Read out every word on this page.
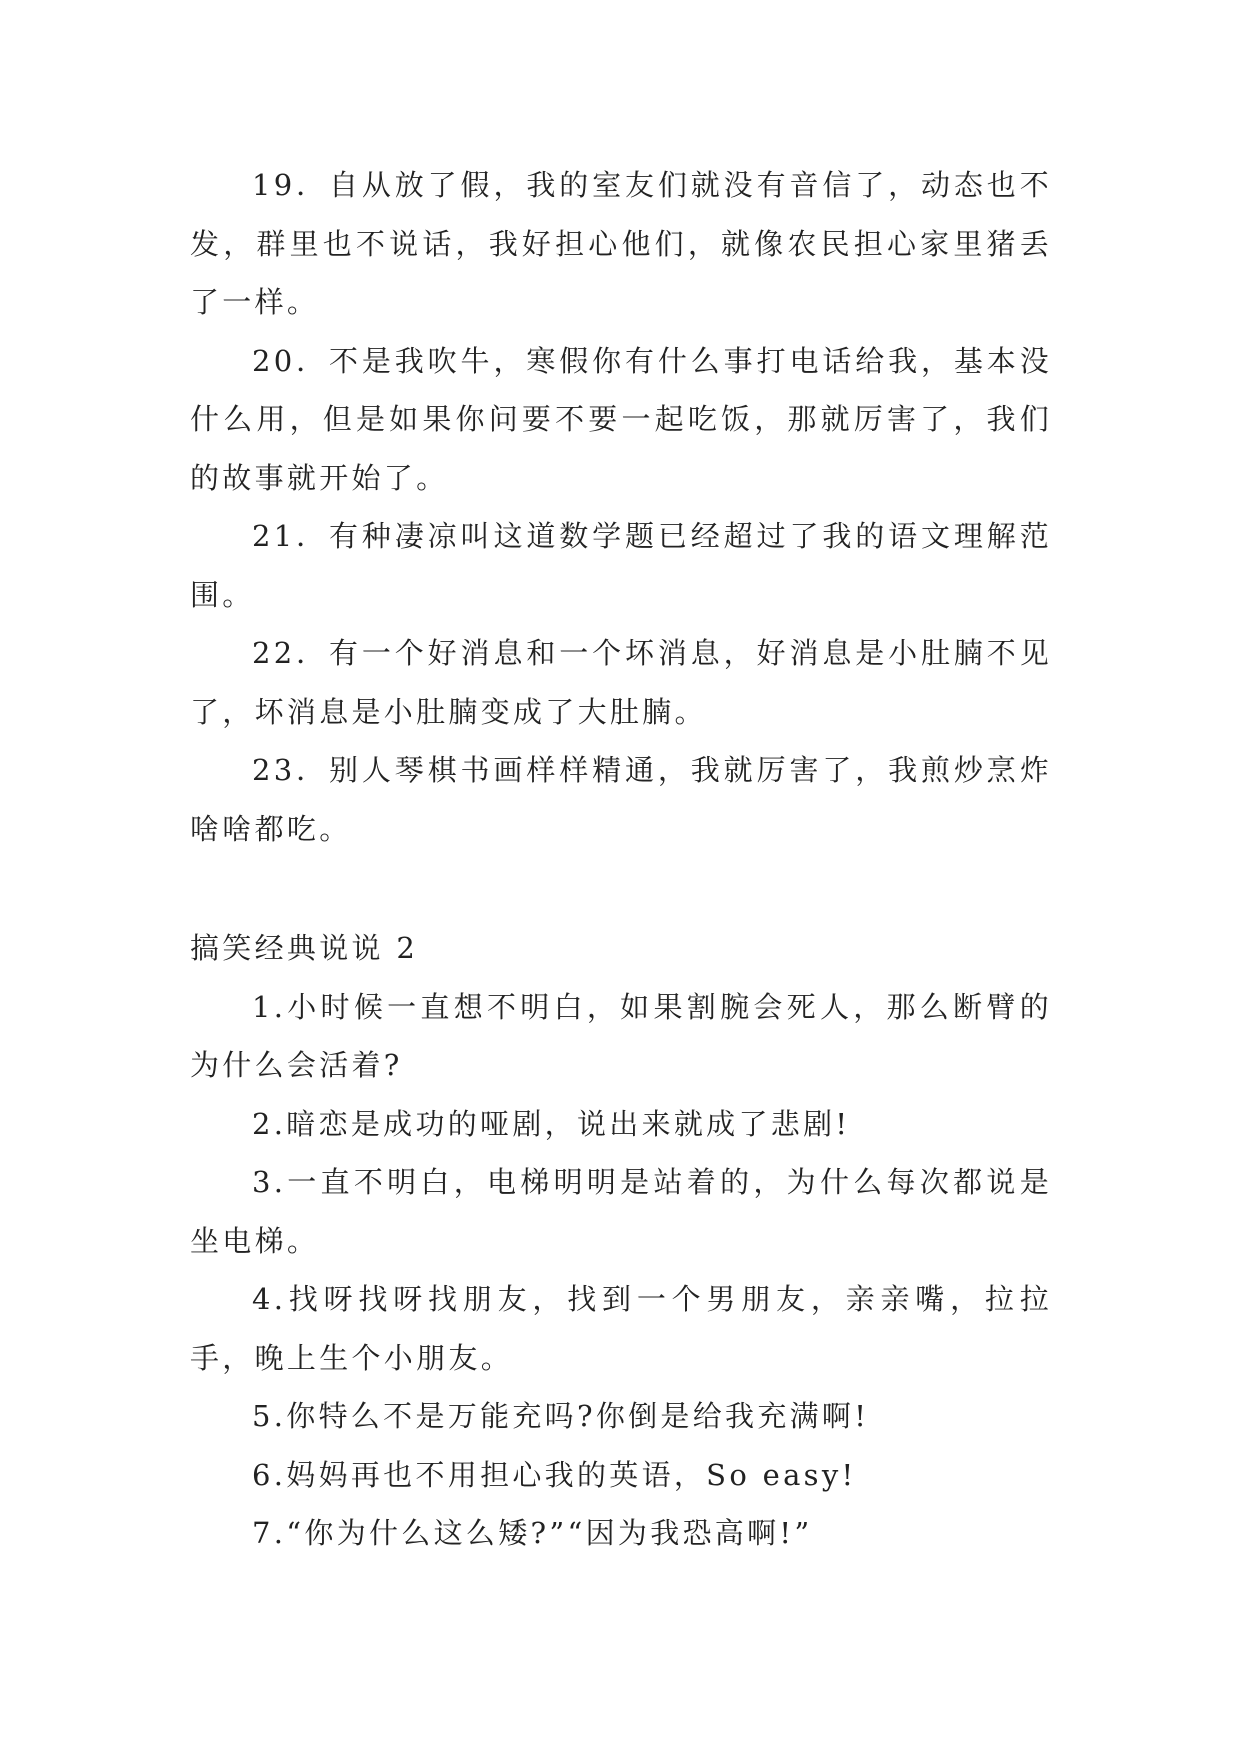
19．自从放了假，我的室友们就没有音信了，动态也不发，群里也不说话，我好担心他们，就像农民担心家里猪丢了一样。

20．不是我吹牛，寒假你有什么事打电话给我，基本没什么用，但是如果你问要不要一起吃饭，那就厉害了，我们的故事就开始了。

21．有种凄凉叫这道数学题已经超过了我的语文理解范围。

22．有一个好消息和一个坏消息，好消息是小肚腩不见了，坏消息是小肚腩变成了大肚腩。

23．别人琴棋书画样样精通，我就厉害了，我煎炒烹炸啥啥都吃。

搞笑经典说说 2

1.小时候一直想不明白，如果割腕会死人，那么断臂的为什么会活着?

2.暗恋是成功的哑剧，说出来就成了悲剧!

3.一直不明白，电梯明明是站着的，为什么每次都说是坐电梯。

4.找呀找呀找朋友，找到一个男朋友，亲亲嘴，拉拉手，晚上生个小朋友。

5.你特么不是万能充吗?你倒是给我充满啊!

6.妈妈再也不用担心我的英语，So easy!

7.“你为什么这么矮?”“因为我恐高啊!”
